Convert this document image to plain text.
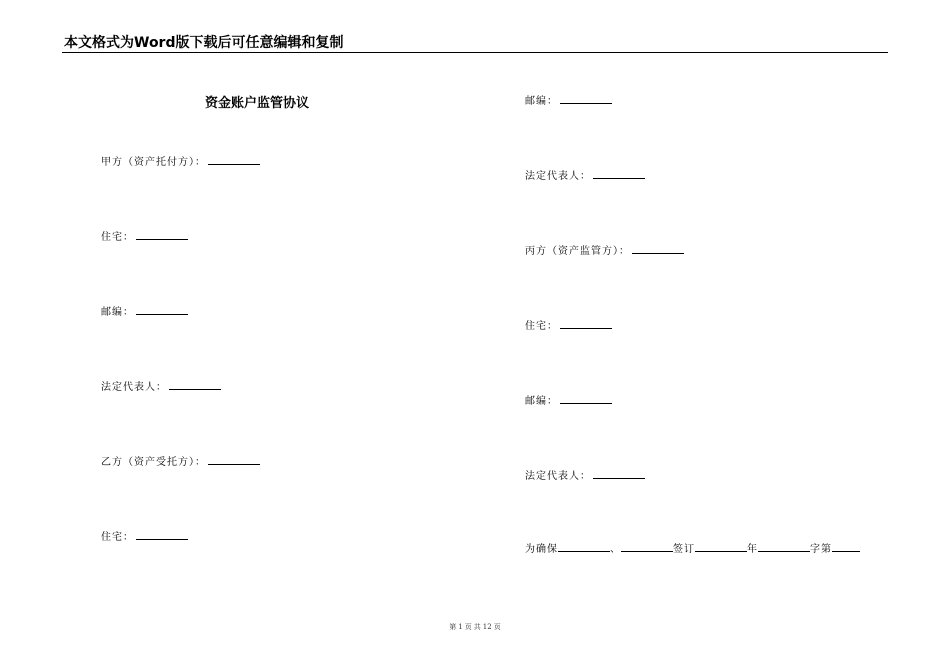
本文格式为Word版下载后可任意编辑和复制
资金账户监管协议
甲方（资产托付方）：
住宅：
邮编：
法定代表人：
乙方（资产受托方）：
住宅：
邮编：
法定代表人：
丙方（资产监管方）：
住宅：
邮编：
法定代表人：
为确保	、	签订	年	字第
第 1 页 共 12 页
